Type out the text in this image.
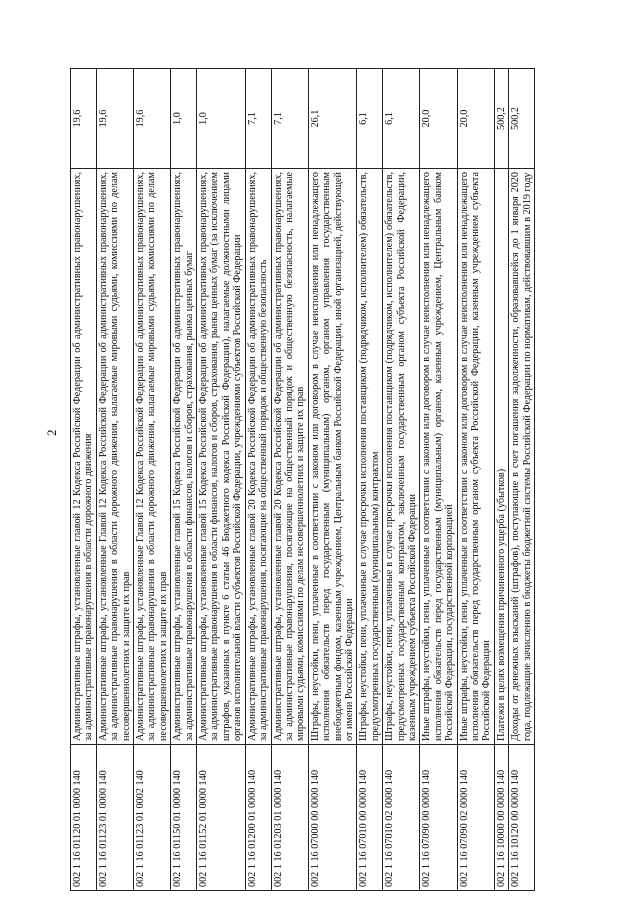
2
002 1 16 01120 01 0000 140	Административные штрафы, установленные главой 12 Кодекса Российской Федерации об административных правонарушениях, за административные правонарушения в области дорожного движения	19,6
002 1 16 01123 01 0000 140	Административные штрафы, установленные Главой 12 Кодекса Российской Федерации об административных правонарушениях, за административные правонарушения в области дорожного движения, налагаемые мировыми судьями, комиссиями по делам несовершеннолетних и защите их прав	19,6
002 1 16 01123 01 0002 140	Административные штрафы, установленные Главой 12 Кодекса Российской Федерации об административных правонарушениях, за административные правонарушения в области дорожного движения, налагаемые мировыми судьями, комиссиями по делам несовершеннолетних и защите их прав	19,6
002 1 16 01150 01 0000 140	Административные штрафы, установленные главой 15 Кодекса Российской Федерации об административных правонарушениях, за административные правонарушения в области финансов, налогов и сборов, страхования, рынка ценных бумаг	1,0
002 1 16 01152 01 0000 140	Административные штрафы, установленные главой 15 Кодекса Российской Федерации об административных правонарушениях, за административные правонарушения в области финансов, налогов и сборов, страхования, рынка ценных бумаг (за исключением штрафов, указанных в пункте 6 статьи 46 Бюджетного кодекса Российской Федерации), налагаемые должностными лицами органов исполнительной власти субъектов Российской Федерации, учреждениями субъектов Российской Федерации	1,0
002 1 16 01200 01 0000 140	Административные штрафы, установленные главой 20 Кодекса Российской Федерации об административных правонарушениях, за административные правонарушения, посягающие на общественный порядок и общественную безопасность	7,1
002 1 16 01203 01 0000 140	Административные штрафы, установленные главой 20 Кодекса Российской Федерации об административных правонарушениях, за административные правонарушения, посягающие на общественный порядок и общественную безопасность, налагаемые мировыми судьями, комиссиями по делам несовершеннолетних и защите их прав	7,1
002 1 16 07000 00 0000 140	Штрафы, неустойки, пени, уплаченные в соответствии с законом или договором в случае неисполнения или ненадлежащего исполнения обязательств перед государственным (муниципальным) органом, органом управления государственным внебюджетным фондом, казенным учреждением, Центральным банком Российской Федерации, иной организацией, действующей от имени Российской Федерации	26,1
002 1 16 07010 00 0000 140	Штрафы, неустойки, пени, уплаченные в случае просрочки исполнения поставщиком (подрядчиком, исполнителем) обязательств, предусмотренных государственным (муниципальным) контрактом	6,1
002 1 16 07010 02 0000 140	Штрафы, неустойки, пени, уплаченные в случае просрочки исполнения поставщиком (подрядчиком, исполнителем) обязательств, предусмотренных государственным контрактом, заключенным государственным органом субъекта Российской Федерации, казенным учреждением субъекта Российской Федерации	6,1
002 1 16 07090 00 0000 140	Иные штрафы, неустойки, пени, уплаченные в соответствии с законом или договором в случае неисполнения или ненадлежащего исполнения обязательств перед государственным (муниципальным) органом, казенным учреждением, Центральным банком Российской Федерации, государственной корпорацией	20,0
002 1 16 07090 02 0000 140	Иные штрафы, неустойки, пени, уплаченные в соответствии с законом или договором в случае неисполнения или ненадлежащего исполнения обязательств перед государственным органом субъекта Российской Федерации, казенным учреждением субъекта Российской Федерации	20,0
002 1 16 10000 00 0000 140	Платежи в целях возмещения причиненного ущерба (убытков)	500,2
002 1 16 10120 00 0000 140	Доходы от денежных взысканий (штрафов), поступающие в счет погашения задолженности, образовавшейся до 1 января 2020 года, подлежащие зачислению в бюджеты бюджетной системы Российской Федерации по нормативам, действовавшим в 2019 году	500,2
